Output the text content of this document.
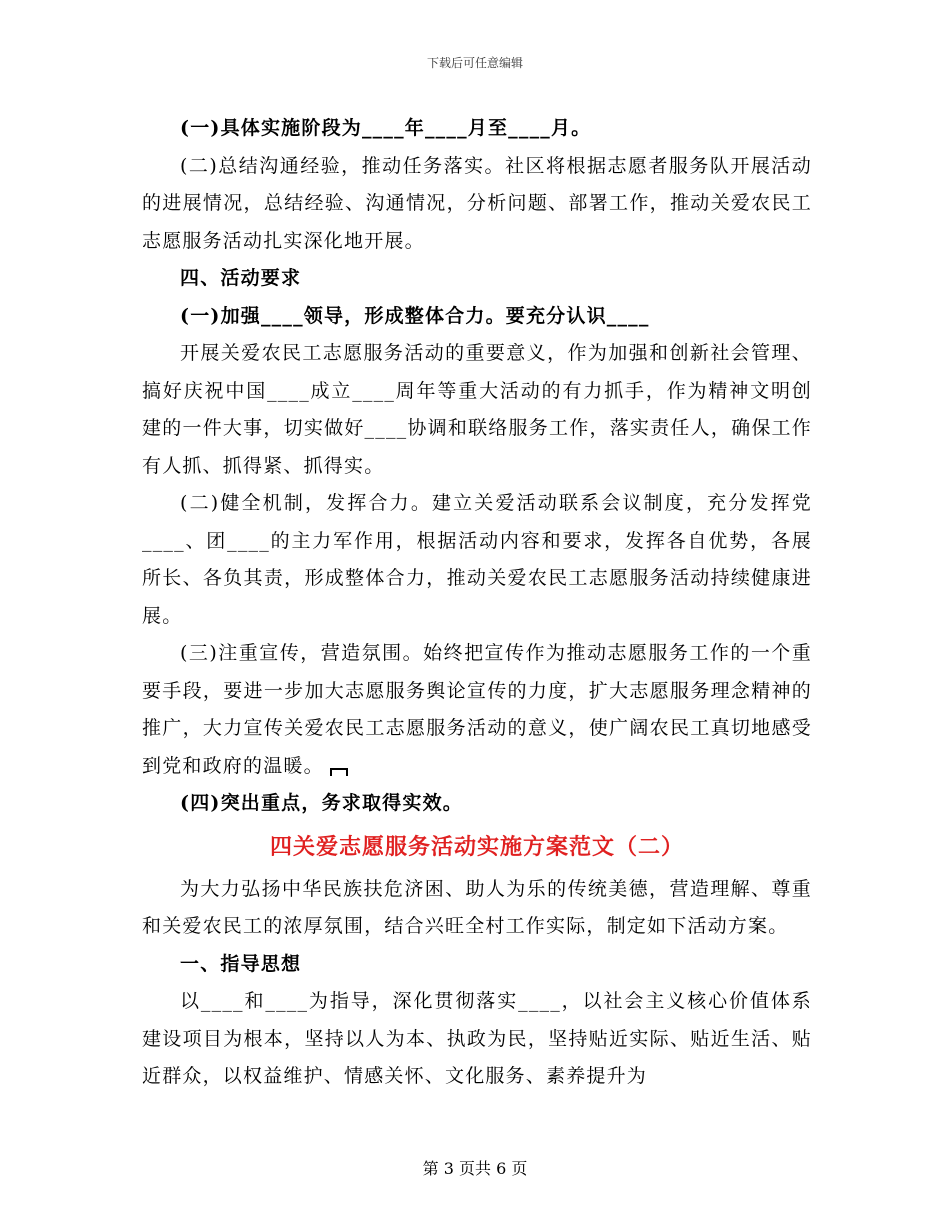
下载后可任意编辑

(一)具体实施阶段为____年____月至____月。

(二)总结沟通经验，推动任务落实。社区将根据志愿者服务队开展活动的进展情况，总结经验、沟通情况，分析问题、部署工作，推动关爱农民工志愿服务活动扎实深化地开展。

四、活动要求

(一)加强____领导，形成整体合力。要充分认识____

开展关爱农民工志愿服务活动的重要意义，作为加强和创新社会管理、搞好庆祝中国____成立____周年等重大活动的有力抓手，作为精神文明创建的一件大事，切实做好____协调和联络服务工作，落实责任人，确保工作有人抓、抓得紧、抓得实。

(二)健全机制，发挥合力。建立关爱活动联系会议制度，充分发挥党____、团____的主力军作用，根据活动内容和要求，发挥各自优势，各展所长、各负其责，形成整体合力，推动关爱农民工志愿服务活动持续健康进展。

(三)注重宣传，营造氛围。始终把宣传作为推动志愿服务工作的一个重要手段，要进一步加大志愿服务舆论宣传的力度，扩大志愿服务理念精神的推广，大力宣传关爱农民工志愿服务活动的意义，使广阔农民工真切地感受到党和政府的温暖。

(四)突出重点，务求取得实效。

四关爱志愿服务活动实施方案范文（二）

为大力弘扬中华民族扶危济困、助人为乐的传统美德，营造理解、尊重和关爱农民工的浓厚氛围，结合兴旺全村工作实际，制定如下活动方案。

一、指导思想

以____和____为指导，深化贯彻落实____，以社会主义核心价值体系建设项目为根本，坚持以人为本、执政为民，坚持贴近实际、贴近生活、贴近群众，以权益维护、情感关怀、文化服务、素养提升为

第 3 页共 6 页
